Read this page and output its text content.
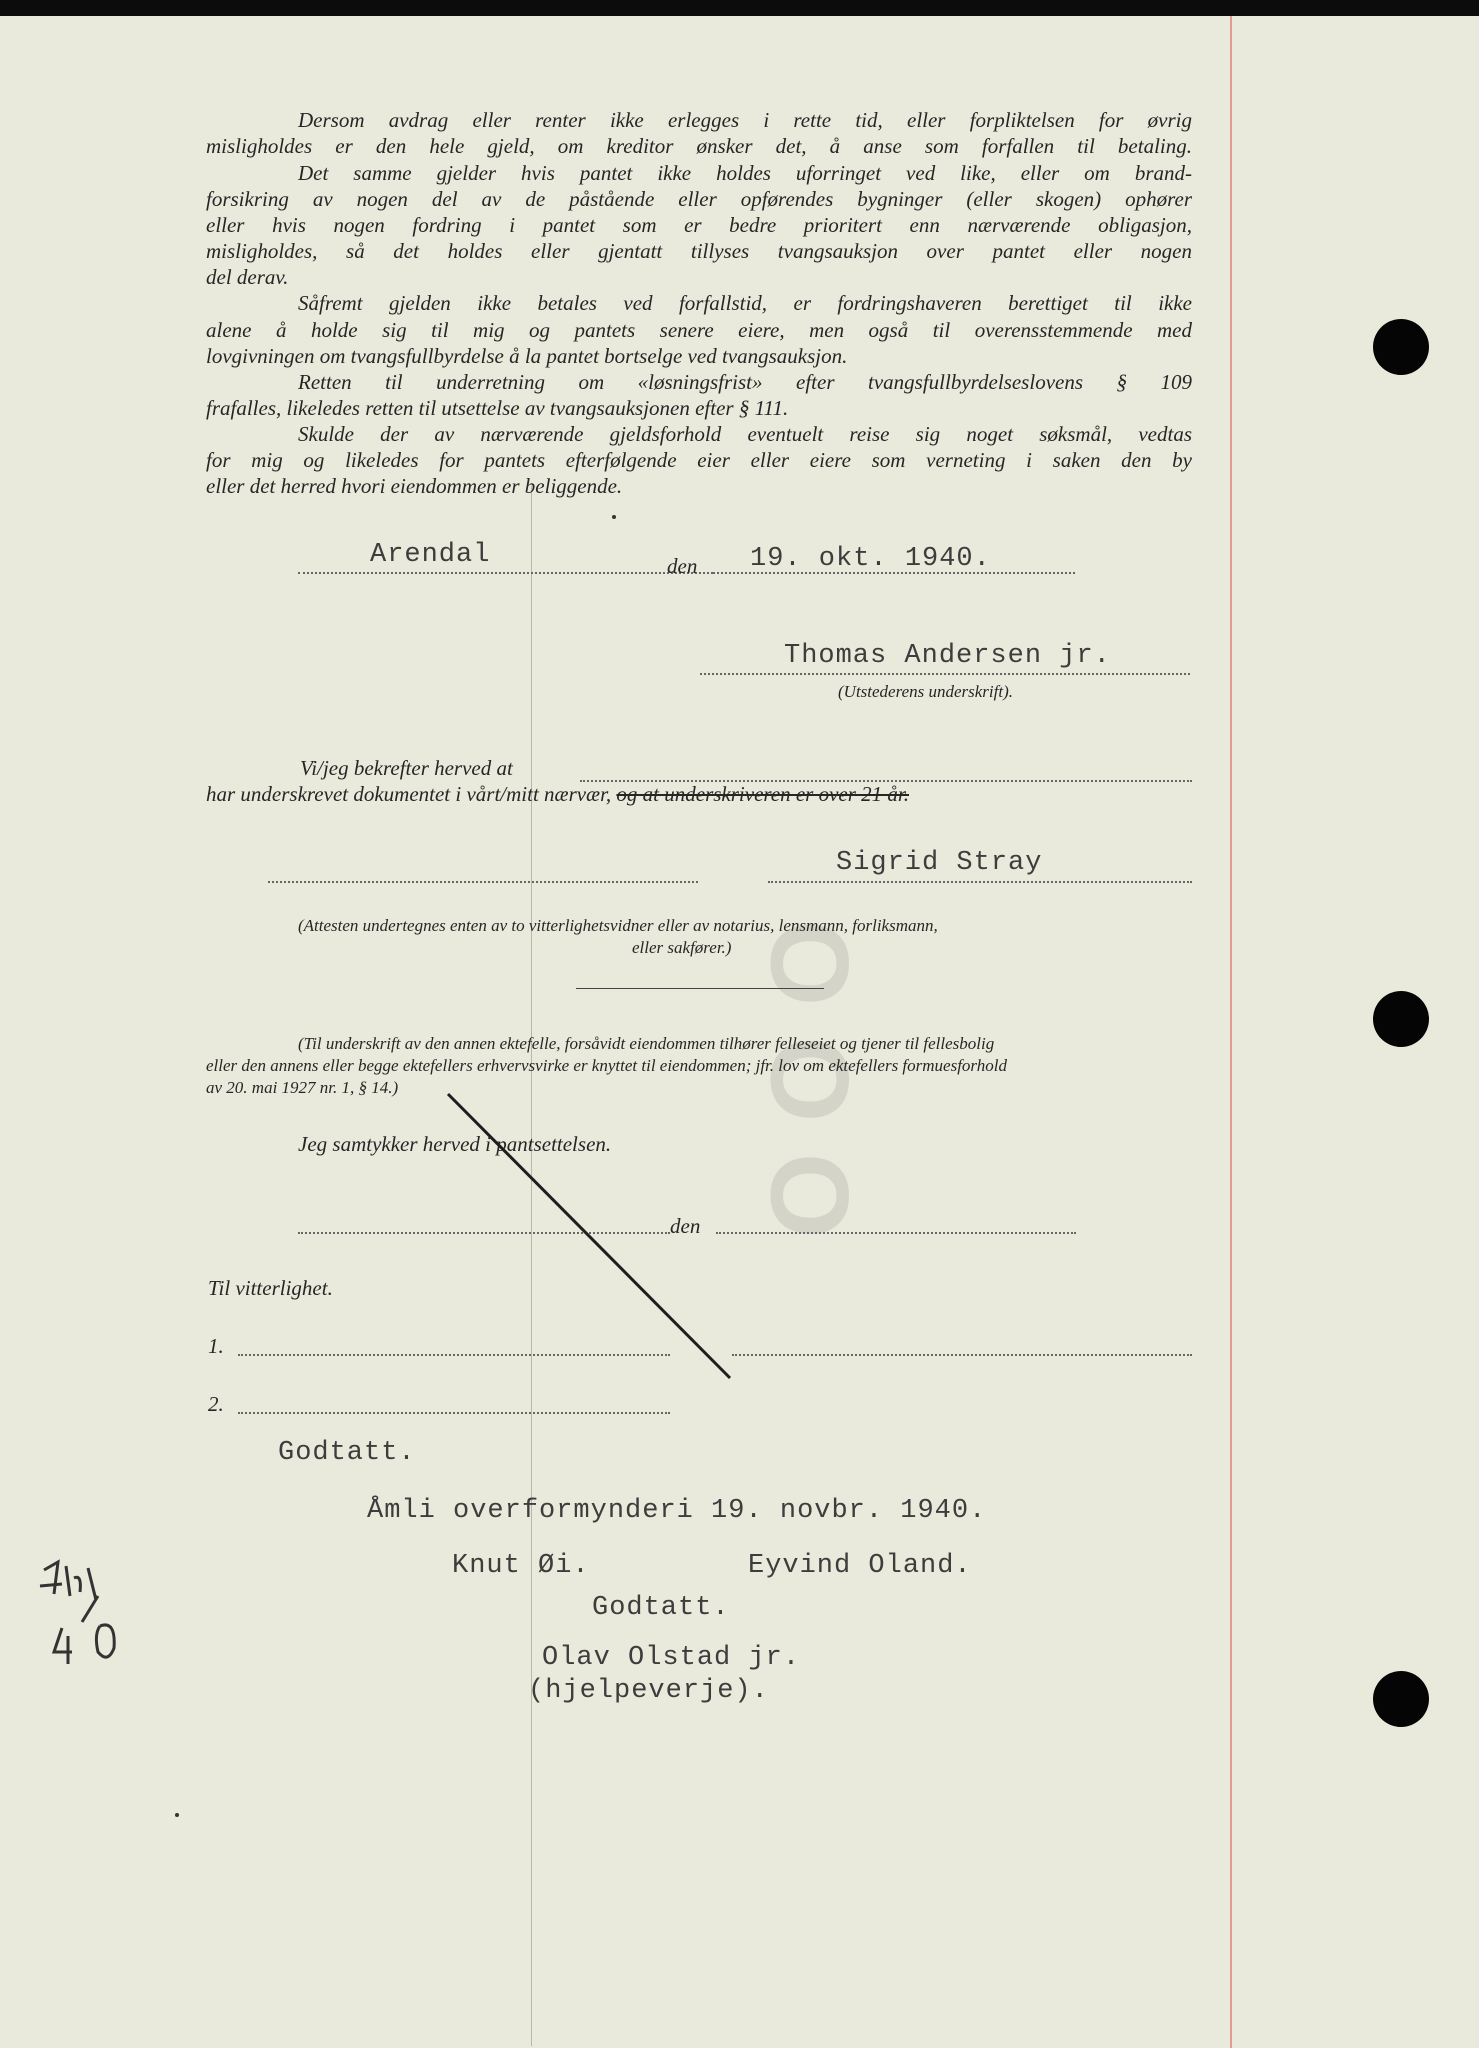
O O O
Dersom avdrag eller renter ikke erlegges i rette tid, eller forpliktelsen for øvrig
misligholdes er den hele gjeld, om kreditor ønsker det, å anse som forfallen til betaling.
Det samme gjelder hvis pantet ikke holdes uforringet ved like, eller om brand-
forsikring av nogen del av de påstående eller opførendes bygninger (eller skogen) ophører
eller hvis nogen fordring i pantet som er bedre prioritert enn nærværende obligasjon,
misligholdes, så det holdes eller gjentatt tillyses tvangsauksjon over pantet eller nogen
del derav.
Såfremt gjelden ikke betales ved forfallstid, er fordringshaveren berettiget til ikke
alene å holde sig til mig og pantets senere eiere, men også til overensstemmende med
lovgivningen om tvangsfullbyrdelse å la pantet bortselge ved tvangsauksjon.
Retten til underretning om «løsningsfrist» efter tvangsfullbyrdelseslovens § 109
frafalles, likeledes retten til utsettelse av tvangsauksjonen efter § 111.
Skulde der av nærværende gjeldsforhold eventuelt reise sig noget søksmål, vedtas
for mig og likeledes for pantets efterfølgende eier eller eiere som verneting i saken den by
eller det herred hvori eiendommen er beliggende.
Arendal	den 19. okt. 1940.
Thomas Andersen jr.
(Utstederens underskrift).
Vi/jeg bekrefter herved at
har underskrevet dokumentet i vårt/mitt nærvær, og at underskriveren er over 21 år.
Sigrid Stray
(Attesten undertegnes enten av to vitterlighetsvidner eller av notarius, lensmann, forliksmann,
eller sakfører.)
(Til underskrift av den annen ektefelle, forsåvidt eiendommen tilhører felleseiet og tjener til fellesbolig
eller den annens eller begge ektefellers erhvervsvirke er knyttet til eiendommen; jfr. lov om ektefellers formuesforhold
av 20. mai 1927 nr. 1, § 14.)
Jeg samtykker herved i pantsettelsen.
den
Til vitterlighet.
1.
2.
Godtatt.
Åmli overformynderi 19. novbr. 1940.
Knut Øi.	Eyvind Oland.
Godtatt.
Olav Olstad jr.
(hjelpeverje).
